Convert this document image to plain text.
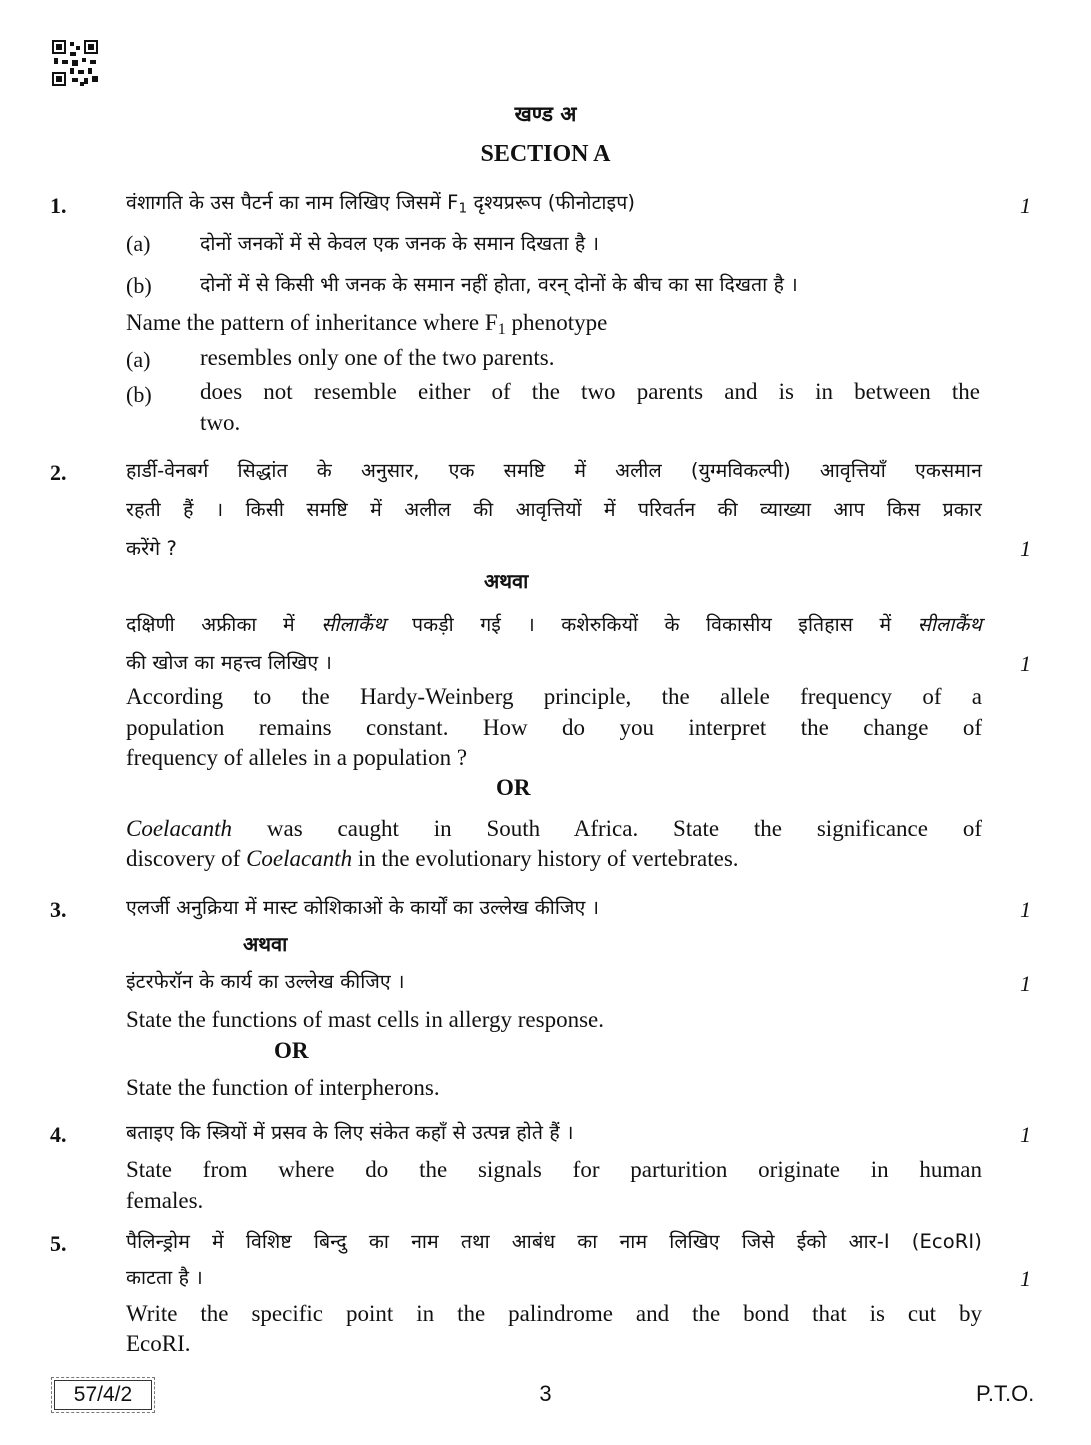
खण्ड अ
SECTION A
1.	1
वंशागति के उस पैटर्न का नाम लिखिए जिसमें $F_1$ दृश्यप्ररूप (फीनोटाइप)
(a)	दोनों जनकों में से केवल एक जनक के समान दिखता है ।
(b) दोनों में से किसी भी जनक के समान नहीं होता, वरन् दोनों के बीच का सा दिखता है ।
Name the pattern of inheritance where $F_1$ phenotype
(a) resembles only one of the two parents.
(b) does not resemble either of the two parents and is in between the
two.
2.	हार्डी-वेनबर्ग सिद्धांत के अनुसार, एक समष्टि में अलील (युग्मविकल्पी) आवृत्तियाँ एकसमान
रहती हैं । किसी समष्टि में अलील की आवृत्तियों में परिवर्तन की व्याख्या आप किस प्रकार
करेंगे ?	1
अथवा
दक्षिणी अफ्रीका में सीलाकैंथ पकड़ी गई । कशेरुकियों के विकासीय इतिहास में सीलाकैंथ
की खोज का महत्त्व लिखिए ।	1
According to the Hardy-Weinberg principle, the allele frequency of a
population remains constant. How do you interpret the change of
frequency of alleles in a population ?
OR
Coelacanth was caught in South Africa. State the significance of
discovery of Coelacanth in the evolutionary history of vertebrates.
3.	एलर्जी अनुक्रिया में मास्ट कोशिकाओं के कार्यों का उल्लेख कीजिए ।	1
अथवा
इंटरफेरॉन के कार्य का उल्लेख कीजिए ।	1
State the functions of mast cells in allergy response.
OR
State the function of interpherons.
4.	बताइए कि स्त्रियों में प्रसव के लिए संकेत कहाँ से उत्पन्न होते हैं ।	1
State from where do the signals for parturition originate in human
females.
5.	पैलिन्ड्रोम में विशिष्ट बिन्दु का नाम तथा आबंध का नाम लिखिए जिसे ईको आर-I (EcoRI)
काटता है ।	1
Write the specific point in the palindrome and the bond that is cut by
EcoRI.
57/4/2	3	P.T.O.
